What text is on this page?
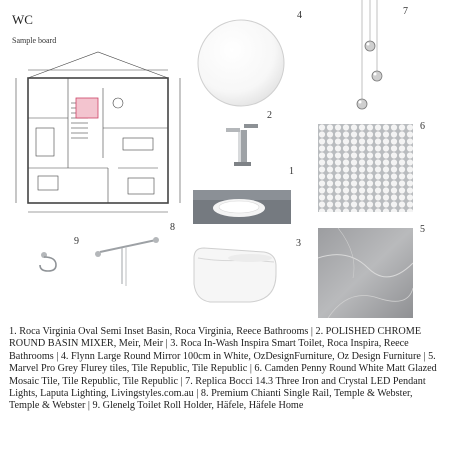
WC
Sample board
4	7
2
1
6
5
3
8
9
1. Roca Virginia Oval Semi Inset Basin, Roca Virginia, Reece Bathrooms | 2. POLISHED CHROME ROUND BASIN MIXER, Meir, Meir | 3. Roca In-Wash Inspira Smart Toilet, Roca Inspira, Reece Bathrooms | 4. Flynn Large Round Mirror 100cm in White, OzDesignFurniture, Oz Design Furniture | 5. Marvel Pro Grey Flurey tiles, Tile Republic, Tile Republic | 6. Camden Penny Round White Matt Glazed Mosaic Tile, Tile Republic, Tile Republic | 7. Replica Bocci 14.3 Three Iron and Crystal LED Pendant Lights, Laputa Lighting, Livingstyles.com.au | 8. Premium Chianti Single Rail, Temple & Webster, Temple & Webster | 9. Glenelg Toilet Roll Holder, Häfele, Häfele Home
